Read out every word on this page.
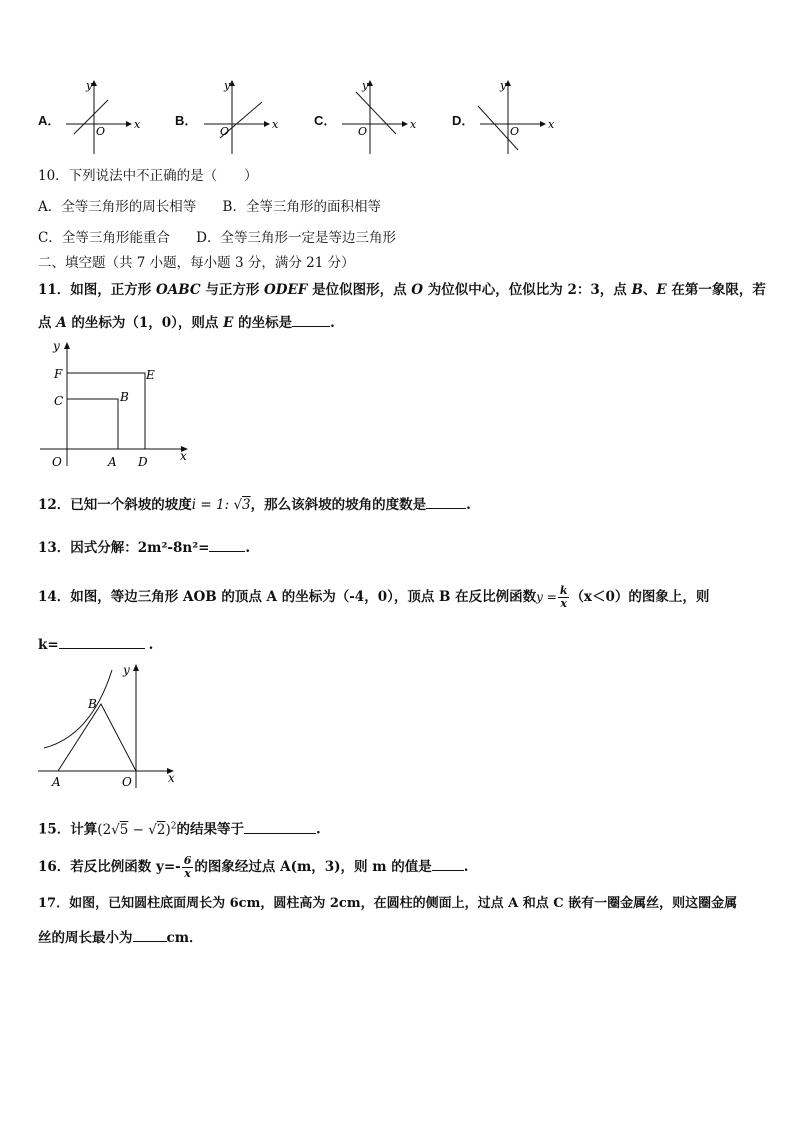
A．
y
x
O
B．
y
x
O
C．
y
x
O
D．
y
x
O
10．下列说法中不正确的是（　　）
A．全等三角形的周长相等 B．全等三角形的面积相等
C．全等三角形能重合 D．全等三角形一定是等边三角形
二、填空题（共 7 小题，每小题 3 分，满分 21 分）
11．如图，正方形 OABC 与正方形 ODEF 是位似图形，点 O 为位似中心，位似比为 2：3，点 B、E 在第一象限，若
点 A 的坐标为（1，0），则点 E 的坐标是	.
y
x
F	E
C	B
O	A D
12．已知一个斜坡的坡度i = 1: √3，那么该斜坡的坡角的度数是	.
13．因式分解：2m²-8n²=	.
14．如图，等边三角形 AOB 的顶点 A 的坐标为（-4，0），顶点 B 在反比例函数$y = \frac{k}{x} (x<0)$的图象上，则
k=	.
y
x
B
A	O
15．计算$(2√5 - √2)^2$的结果等于	.
16．若反比例函数 $y=- \frac{6}{x}$ 的图象经过点 A(m，3)，则 m 的值是 .
17．如图，已知圆柱底面周长为 6cm，圆柱高为 2cm，在圆柱的侧面上，过点 A 和点 C 嵌有一圈金属丝，则这圈金属
丝的周长最小为	cm．
